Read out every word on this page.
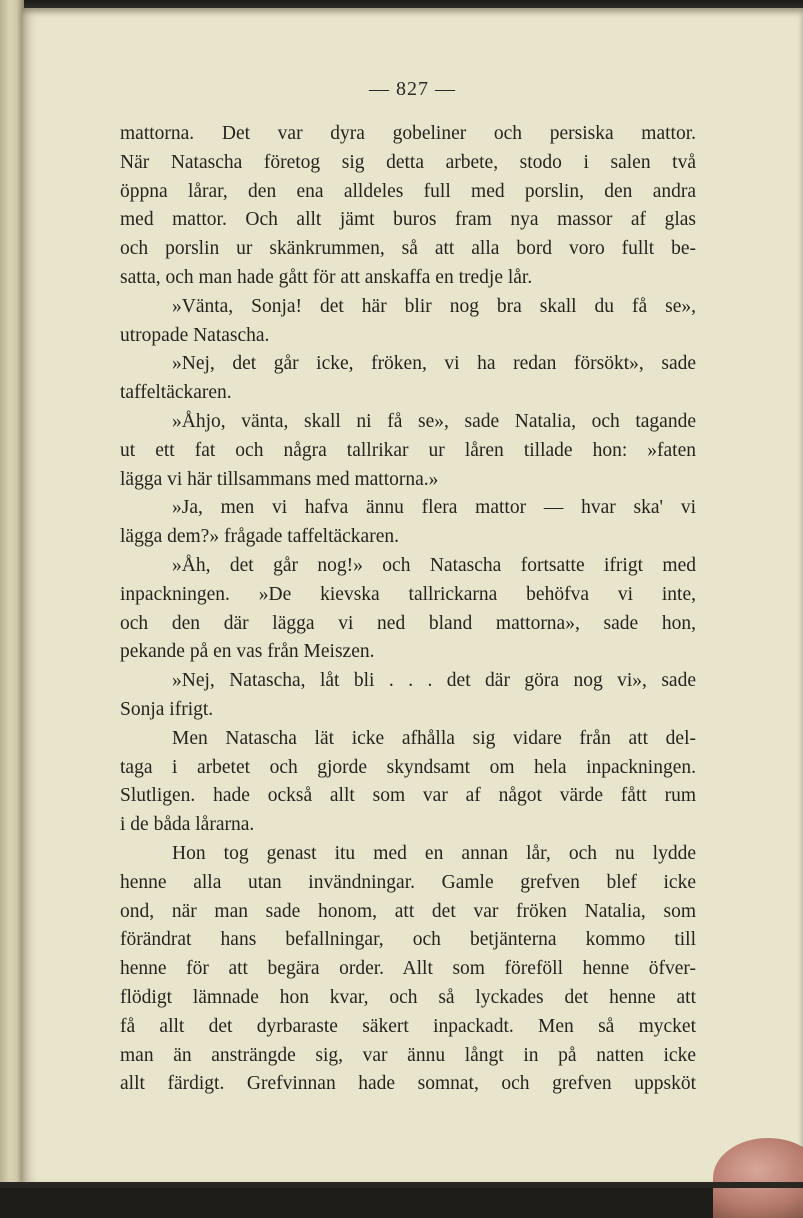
— 827 —
mattorna. Det var dyra gobeliner och persiska mattor.
När Natascha företog sig detta arbete, stodo i salen två
öppna lårar, den ena alldeles full med porslin, den andra
med mattor. Och allt jämt buros fram nya massor af glas
och porslin ur skänkrummen, så att alla bord voro fullt be-
satta, och man hade gått för att anskaffa en tredje lår.
»Vänta, Sonja! det här blir nog bra skall du få se»,
utropade Natascha.
»Nej, det går icke, fröken, vi ha redan försökt», sade
taffeltäckaren.
»Åhjo, vänta, skall ni få se», sade Natalia, och tagande
ut ett fat och några tallrikar ur låren tillade hon: »faten
lägga vi här tillsammans med mattorna.»
»Ja, men vi hafva ännu flera mattor — hvar ska' vi
lägga dem?» frågade taffeltäckaren.
»Åh, det går nog!» och Natascha fortsatte ifrigt med
inpackningen. »De kievska tallrickarna behöfva vi inte,
och den där lägga vi ned bland mattorna», sade hon,
pekande på en vas från Meiszen.
»Nej, Natascha, låt bli . . . det där göra nog vi», sade
Sonja ifrigt.
Men Natascha lät icke afhålla sig vidare från att del-
taga i arbetet och gjorde skyndsamt om hela inpackningen.
Slutligen. hade också allt som var af något värde fått rum
i de båda lårarna.
Hon tog genast itu med en annan lår, och nu lydde
henne alla utan invändningar. Gamle grefven blef icke
ond, när man sade honom, att det var fröken Natalia, som
förändrat hans befallningar, och betjänterna kommo till
henne för att begära order. Allt som föreföll henne öfver-
flödigt lämnade hon kvar, och så lyckades det henne att
få allt det dyrbaraste säkert inpackadt. Men så mycket
man än ansträngde sig, var ännu långt in på natten icke
allt färdigt. Grefvinnan hade somnat, och grefven uppsköt
